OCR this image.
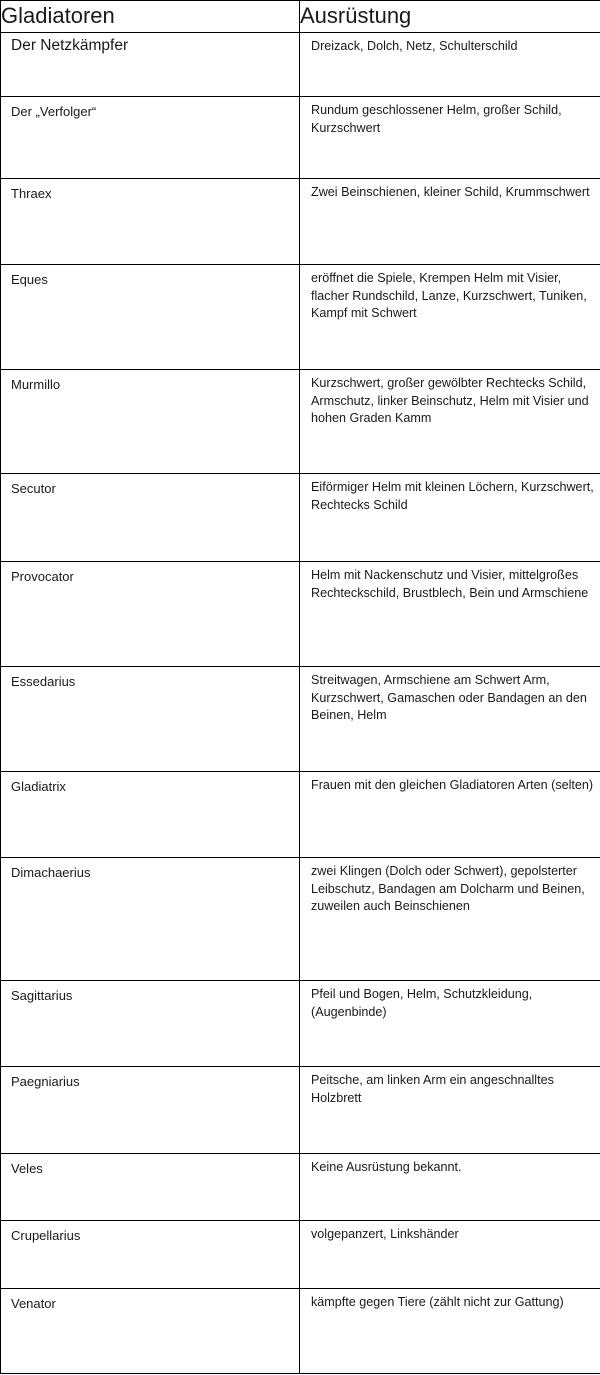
Gladiatoren	Ausrüstung
Der Netzkämpfer	Dreizack, Dolch, Netz, Schulterschild
Der „Verfolger“	Rundum geschlossener Helm, großer Schild, Kurzschwert
Thraex	Zwei Beinschienen, kleiner Schild, Krummschwert
Eques	eröffnet die Spiele, Krempen Helm mit Visier, flacher Rundschild, Lanze, Kurzschwert, Tuniken, Kampf mit Schwert
Murmillo	Kurzschwert, großer gewölbter Rechtecks Schild, Armschutz, linker Beinschutz, Helm mit Visier und hohen Graden Kamm
Secutor	Eiförmiger Helm mit kleinen Löchern, Kurzschwert, Rechtecks Schild
Provocator	Helm mit Nackenschutz und Visier, mittelgroßes Rechteckschild, Brustblech, Bein und Armschiene
Essedarius	Streitwagen, Armschiene am Schwert Arm, Kurzschwert, Gamaschen oder Bandagen an den Beinen, Helm
Gladiatrix	Frauen mit den gleichen Gladiatoren Arten (selten)
Dimachaerius	zwei Klingen (Dolch oder Schwert), gepolsterter Leibschutz, Bandagen am Dolcharm und Beinen, zuweilen auch Beinschienen
Sagittarius	Pfeil und Bogen, Helm, Schutzkleidung, (Augenbinde)
Paegniarius	Peitsche, am linken Arm ein angeschnalltes Holzbrett
Veles	Keine Ausrüstung bekannt.
Crupellarius	volgepanzert, Linkshänder
Venator	kämpfte gegen Tiere (zählt nicht zur Gattung)
